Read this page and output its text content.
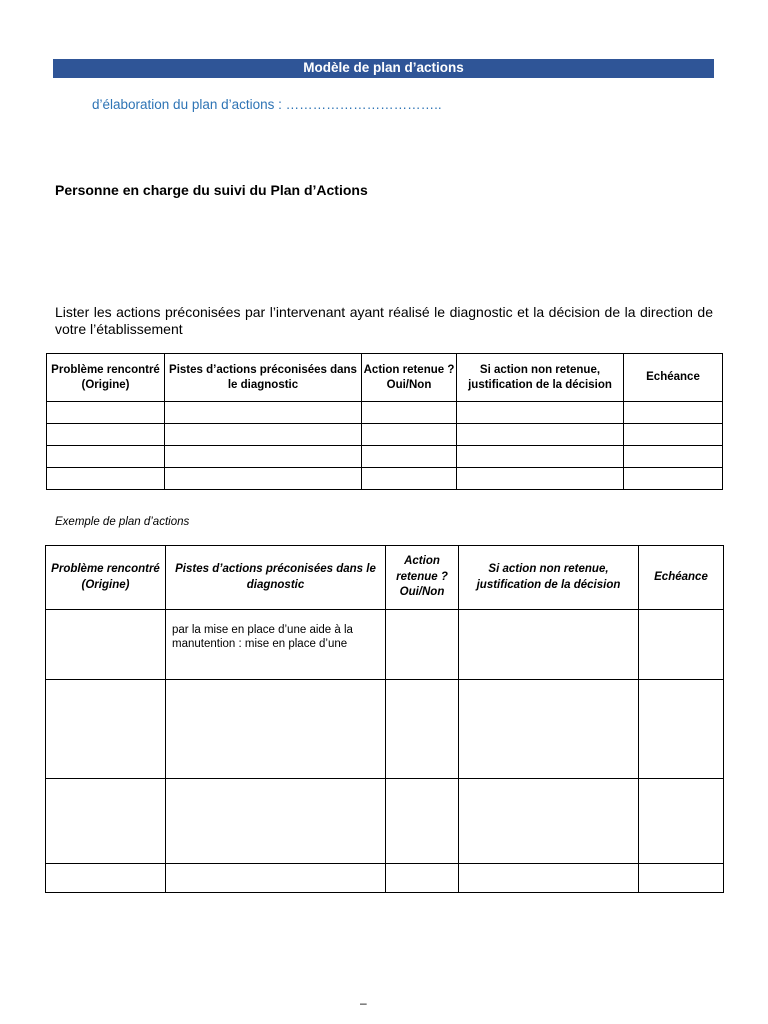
Modèle de plan d’actions
d’élaboration du plan d’actions : ……………………………..
Personne en charge du suivi du Plan d’Actions
Lister les actions préconisées par l’intervenant ayant réalisé le diagnostic et la décision de la direction de votre l’établissement
Problème rencontré (Origine)	Pistes d’actions préconisées dans le diagnostic	Action retenue ? Oui/Non	Si action non retenue, justification de la décision	Echéance

Exemple de plan d’actions
Problème rencontré (Origine)	Pistes d’actions préconisées dans le diagnostic	Action retenue ? Oui/Non	Si action non retenue, justification de la décision	Echéance

	par la mise en place d’une aide à la manutention : mise en place d’une			

–
